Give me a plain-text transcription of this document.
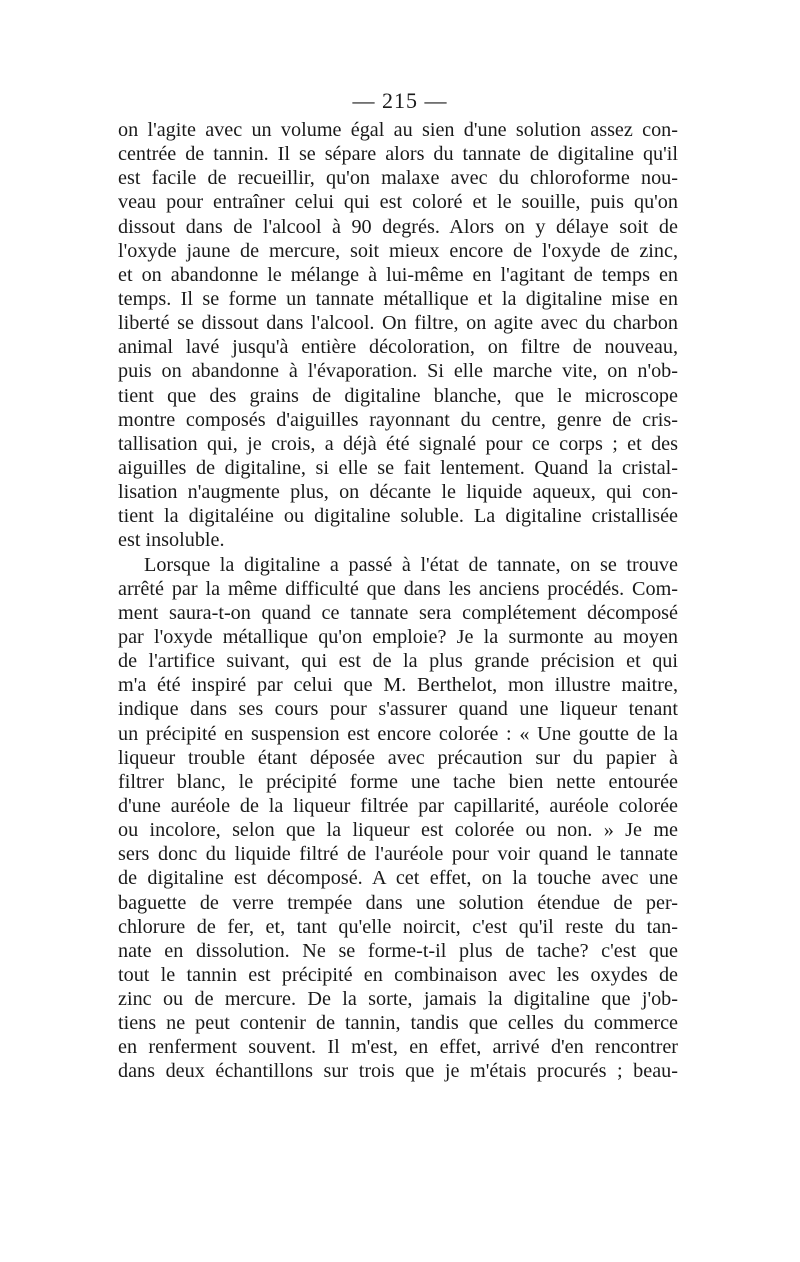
— 215 —
on l'agite avec un volume égal au sien d'une solution assez con-
centrée de tannin. Il se sépare alors du tannate de digitaline qu'il
est facile de recueillir, qu'on malaxe avec du chloroforme nou-
veau pour entraîner celui qui est coloré et le souille, puis qu'on
dissout dans de l'alcool à 90 degrés. Alors on y délaye soit de
l'oxyde jaune de mercure, soit mieux encore de l'oxyde de zinc,
et on abandonne le mélange à lui-même en l'agitant de temps en
temps. Il se forme un tannate métallique et la digitaline mise en
liberté se dissout dans l'alcool. On filtre, on agite avec du charbon
animal lavé jusqu'à entière décoloration, on filtre de nouveau,
puis on abandonne à l'évaporation. Si elle marche vite, on n'ob-
tient que des grains de digitaline blanche, que le microscope
montre composés d'aiguilles rayonnant du centre, genre de cris-
tallisation qui, je crois, a déjà été signalé pour ce corps ; et des
aiguilles de digitaline, si elle se fait lentement. Quand la cristal-
lisation n'augmente plus, on décante le liquide aqueux, qui con-
tient la digitaléine ou digitaline soluble. La digitaline cristallisée
est insoluble.
Lorsque la digitaline a passé à l'état de tannate, on se trouve
arrêté par la même difficulté que dans les anciens procédés. Com-
ment saura-t-on quand ce tannate sera complétement décomposé
par l'oxyde métallique qu'on emploie? Je la surmonte au moyen
de l'artifice suivant, qui est de la plus grande précision et qui
m'a été inspiré par celui que M. Berthelot, mon illustre maitre,
indique dans ses cours pour s'assurer quand une liqueur tenant
un précipité en suspension est encore colorée : « Une goutte de la
liqueur trouble étant déposée avec précaution sur du papier à
filtrer blanc, le précipité forme une tache bien nette entourée
d'une auréole de la liqueur filtrée par capillarité, auréole colorée
ou incolore, selon que la liqueur est colorée ou non. » Je me
sers donc du liquide filtré de l'auréole pour voir quand le tannate
de digitaline est décomposé. A cet effet, on la touche avec une
baguette de verre trempée dans une solution étendue de per-
chlorure de fer, et, tant qu'elle noircit, c'est qu'il reste du tan-
nate en dissolution. Ne se forme-t-il plus de tache? c'est que
tout le tannin est précipité en combinaison avec les oxydes de
zinc ou de mercure. De la sorte, jamais la digitaline que j'ob-
tiens ne peut contenir de tannin, tandis que celles du commerce
en renferment souvent. Il m'est, en effet, arrivé d'en rencontrer
dans deux échantillons sur trois que je m'étais procurés ; beau-
